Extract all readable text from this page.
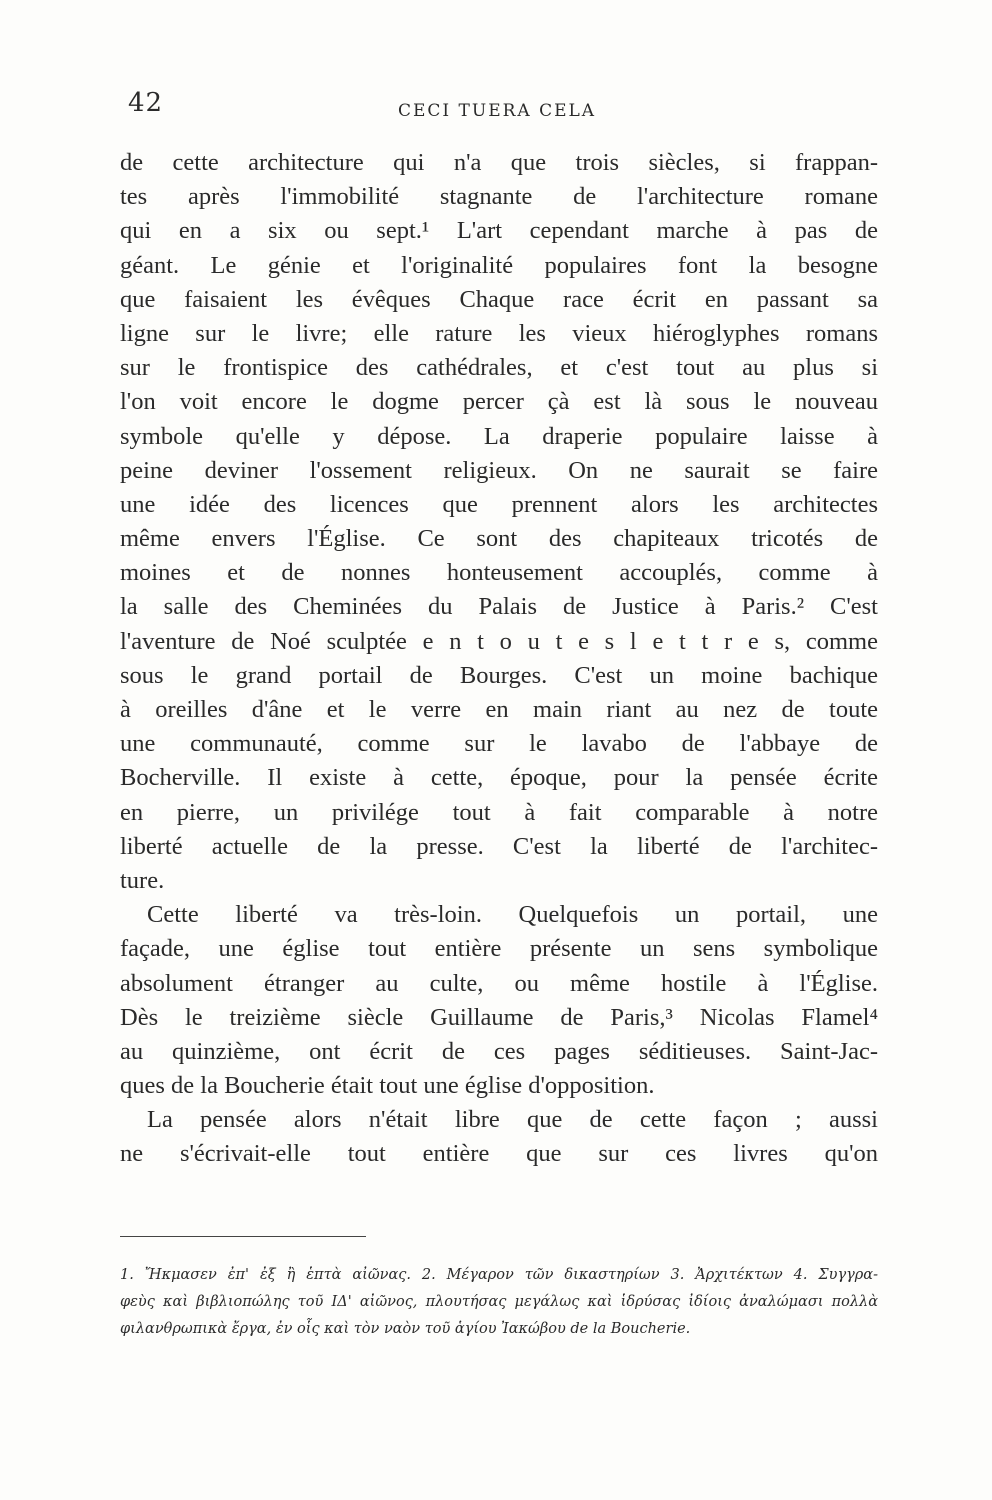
42	CECI TUERA CELA
de cette architecture qui n'a que trois siècles, si frappan-
tes après l'immobilité stagnante de l'architecture romane
qui en a six ou sept.¹ L'art cependant marche à pas de
géant. Le génie et l'originalité populaires font la besogne
que faisaient les évêques Chaque race écrit en passant sa
ligne sur le livre; elle rature les vieux hiéroglyphes romans
sur le frontispice des cathédrales, et c'est tout au plus si
l'on voit encore le dogme percer çà est là sous le nouveau
symbole qu'elle y dépose. La draperie populaire laisse à
peine deviner l'ossement religieux. On ne saurait se faire
une idée des licences que prennent alors les architectes
même envers l'Église. Ce sont des chapiteaux tricotés de
moines et de nonnes honteusement accouplés, comme à
la salle des Cheminées du Palais de Justice à Paris.² C'est
l'aventure de Noé sculptée e n t o u t e s l e t t r e s, comme
sous le grand portail de Bourges. C'est un moine bachique
à oreilles d'âne et le verre en main riant au nez de toute
une communauté, comme sur le lavabo de l'abbaye de
Bocherville. Il existe à cette, époque, pour la pensée écrite
en pierre, un privilége tout à fait comparable à notre
liberté actuelle de la presse. C'est la liberté de l'architec-
ture.
Cette liberté va très-loin. Quelquefois un portail, une
façade, une église tout entière présente un sens symbolique
absolument étranger au culte, ou même hostile à l'Église.
Dès le treizième siècle Guillaume de Paris,³ Nicolas Flamel⁴
au quinzième, ont écrit de ces pages séditieuses. Saint-Jac-
ques de la Boucherie était tout une église d'opposition.
La pensée alors n'était libre que de cette façon ; aussi
ne s'écrivait-elle tout entière que sur ces livres qu'on
1. Ἤκμασεν ἐπ' ἐξ ἢ ἑπτὰ αἰῶνας. 2. Μέγαρον τῶν δικαστηρίων 3. Ἀρχιτέκτων 4. Συγγρα-
φεὺς καὶ βιβλιοπώλης τοῦ ΙΔ' αἰῶνος, πλουτήσας μεγάλως καὶ ἱδρύσας ἰδίοις ἀναλώμασι πολλὰ
φιλανθρωπικὰ ἔργα, ἐν οἷς καὶ τὸν ναὸν τοῦ ἁγίου Ἰακώβου de la Boucherie.
